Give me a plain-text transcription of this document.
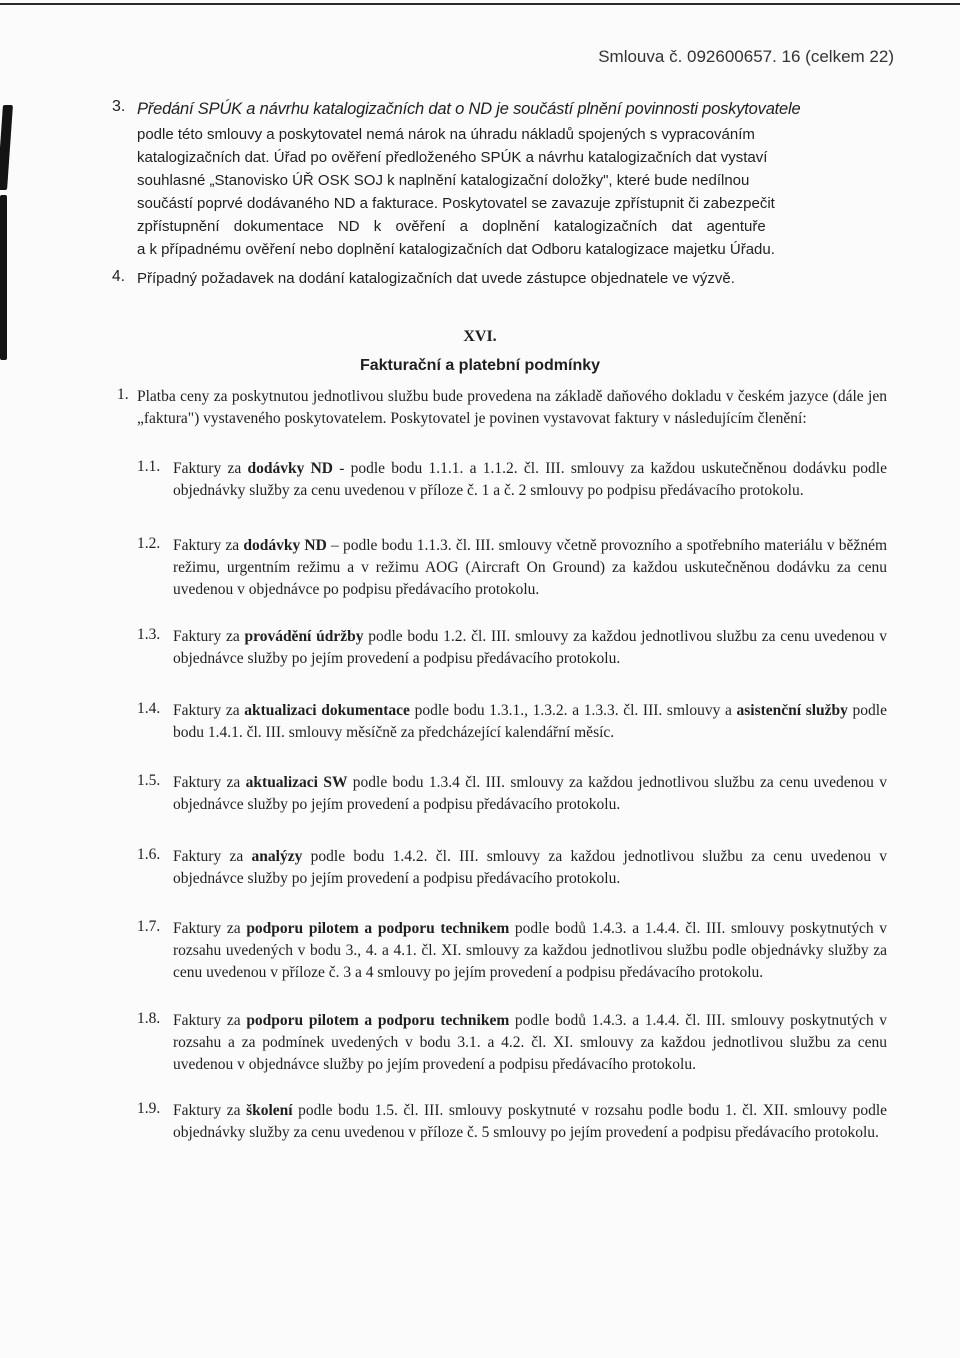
Smlouva č. 092600657. 16 (celkem 22)
3. Předání SPÚK a návrhu katalogizačních dat o ND je součástí plnění povinnosti poskytovatele
podle této smlouvy a poskytovatel nemá nárok na úhradu nákladů spojených s vypracováním
katalogizačních dat. Úřad po ověření předloženého SPÚK a návrhu katalogizačních dat vystaví
souhlasné „Stanovisko ÚŘ OSK SOJ k naplnění katalogizační doložky", které bude nedílnou
součástí poprvé dodávaného ND a fakturace. Poskytovatel se zavazuje zpřístupnit či zabezpečit
zpřístupnění dokumentace ND k ověření a doplnění katalogizačních dat agentuře
a k případnému ověření nebo doplnění katalogizačních dat Odboru katalogizace majetku Úřadu.
4. Případný požadavek na dodání katalogizačních dat uvede zástupce objednatele ve výzvě.
XVI.
Fakturační a platební podmínky
1. Platba ceny za poskytnutou jednotlivou službu bude provedena na základě daňového dokladu v českém jazyce (dále jen „faktura") vystaveného poskytovatelem. Poskytovatel je povinen vystavovat faktury v následujícím členění:
1.1. Faktury za dodávky ND - podle bodu 1.1.1. a 1.1.2. čl. III. smlouvy za každou uskutečněnou dodávku podle objednávky služby za cenu uvedenou v příloze č. 1 a č. 2 smlouvy po podpisu předávacího protokolu.
1.2. Faktury za dodávky ND – podle bodu 1.1.3. čl. III. smlouvy včetně provozního a spotřebního materiálu v běžném režimu, urgentním režimu a v režimu AOG (Aircraft On Ground) za každou uskutečněnou dodávku za cenu uvedenou v objednávce po podpisu předávacího protokolu.
1.3. Faktury za provádění údržby podle bodu 1.2. čl. III. smlouvy za každou jednotlivou službu za cenu uvedenou v objednávce služby po jejím provedení a podpisu předávacího protokolu.
1.4. Faktury za aktualizaci dokumentace podle bodu 1.3.1., 1.3.2. a 1.3.3. čl. III. smlouvy a asistenční služby podle bodu 1.4.1. čl. III. smlouvy měsíčně za předcházející kalendářní měsíc.
1.5. Faktury za aktualizaci SW podle bodu 1.3.4 čl. III. smlouvy za každou jednotlivou službu za cenu uvedenou v objednávce služby po jejím provedení a podpisu předávacího protokolu.
1.6. Faktury za analýzy podle bodu 1.4.2. čl. III. smlouvy za každou jednotlivou službu za cenu uvedenou v objednávce služby po jejím provedení a podpisu předávacího protokolu.
1.7. Faktury za podporu pilotem a podporu technikem podle bodů 1.4.3. a 1.4.4. čl. III. smlouvy poskytnutých v rozsahu uvedených v bodu 3., 4. a 4.1. čl. XI. smlouvy za každou jednotlivou službu podle objednávky služby za cenu uvedenou v příloze č. 3 a 4 smlouvy po jejím provedení a podpisu předávacího protokolu.
1.8. Faktury za podporu pilotem a podporu technikem podle bodů 1.4.3. a 1.4.4. čl. III. smlouvy poskytnutých v rozsahu a za podmínek uvedených v bodu 3.1. a 4.2. čl. XI. smlouvy za každou jednotlivou službu za cenu uvedenou v objednávce služby po jejím provedení a podpisu předávacího protokolu.
1.9. Faktury za školení podle bodu 1.5. čl. III. smlouvy poskytnuté v rozsahu podle bodu 1. čl. XII. smlouvy podle objednávky služby za cenu uvedenou v příloze č. 5 smlouvy po jejím provedení a podpisu předávacího protokolu.
